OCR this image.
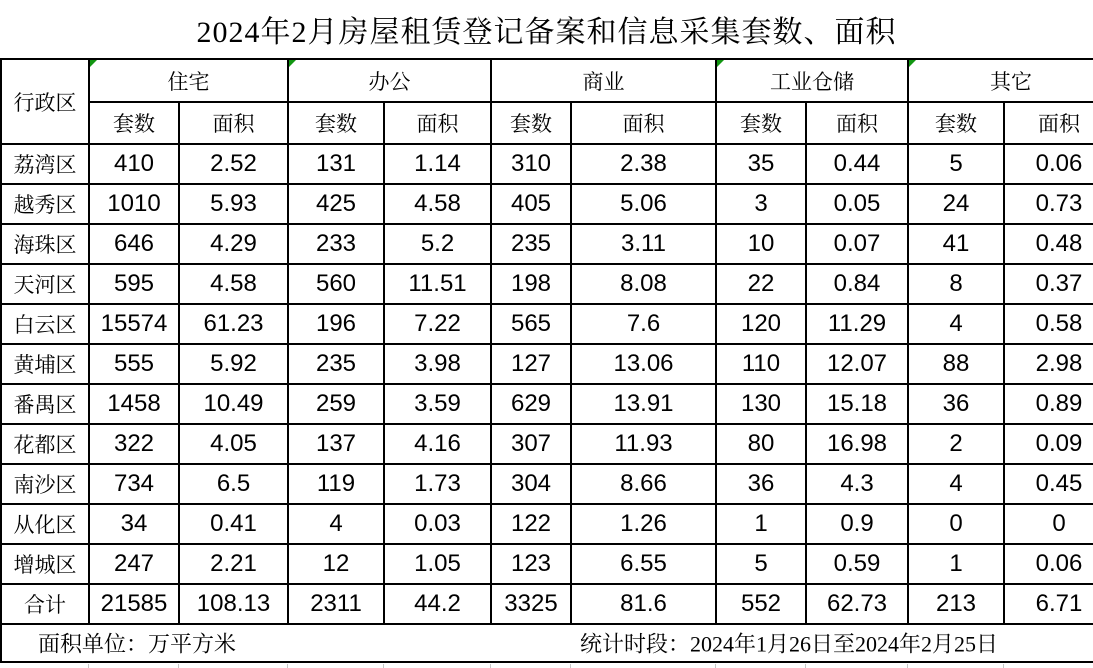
2024年2月房屋租赁登记备案和信息采集套数、面积
行政区	住宅		办公		商业		工业仓储		其它	
	套数	面积	套数	面积	套数	面积	套数	面积	套数	面积
荔湾区	410	2.52	131	1.14	310	2.38	35	0.44	5	0.06
越秀区	1010	5.93	425	4.58	405	5.06	3	0.05	24	0.73
海珠区	646	4.29	233	5.2	235	3.11	10	0.07	41	0.48
天河区	595	4.58	560	11.51	198	8.08	22	0.84	8	0.37
白云区	15574	61.23	196	7.22	565	7.6	120	11.29	4	0.58
黄埔区	555	5.92	235	3.98	127	13.06	110	12.07	88	2.98
番禺区	1458	10.49	259	3.59	629	13.91	130	15.18	36	0.89
花都区	322	4.05	137	4.16	307	11.93	80	16.98	2	0.09
南沙区	734	6.5	119	1.73	304	8.66	36	4.3	4	0.45
从化区	34	0.41	4	0.03	122	1.26	1	0.9	0	0
增城区	247	2.21	12	1.05	123	6.55	5	0.59	1	0.06
合计	21585	108.13	2311	44.2	3325	81.6	552	62.73	213	6.71

面积单位：万平方米 统计时段：2024年1月26日至2024年2月25日										
